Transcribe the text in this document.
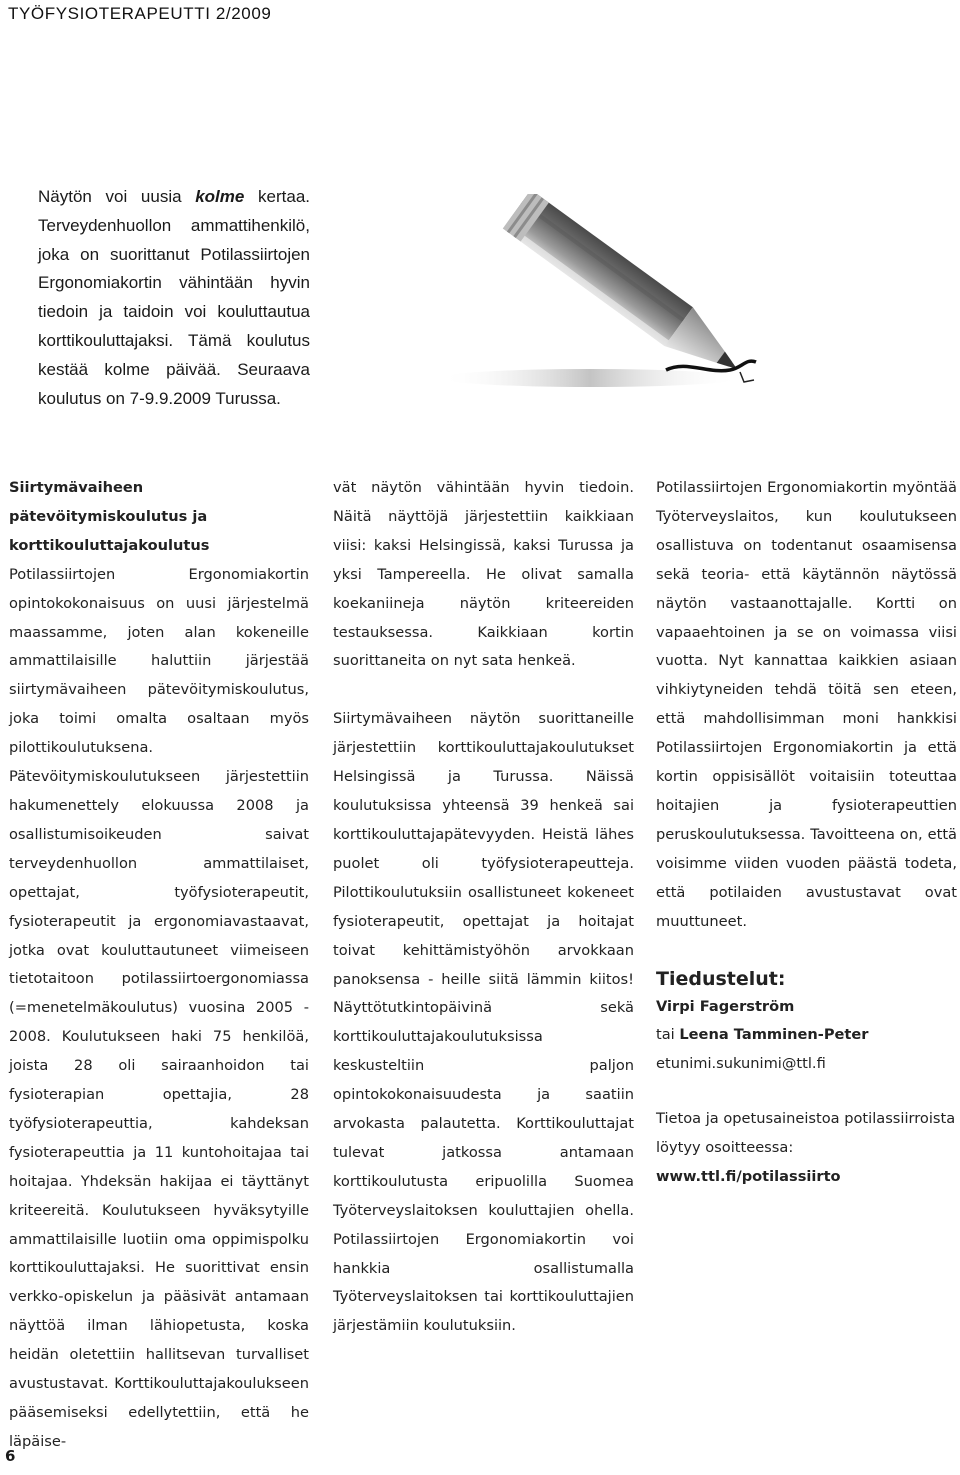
TYÖFYSIOTERAPEUTTI 2/2009

Näytön voi uusia kolme kertaa. Terveydenhuollon ammattihenkilö, joka on suorittanut Potilassiirtojen Ergonomiakortin vähintään hyvin tiedoin ja taidoin voi kouluttautua korttikouluttajaksi. Tämä koulutus kestää kolme päivää. Seuraava koulutus on 7-9.9.2009 Turussa.

Siirtymävaiheen pätevöitymiskoulutus ja korttikouluttajakoulutus

Potilassiirtojen Ergonomiakortin opintokokonaisuus on uusi järjestelmä maassamme, joten alan kokeneille ammattilaisille haluttiin järjestää siirtymävaiheen pätevöitymiskoulutus, joka toimi omalta osaltaan myös pilottikoulutuksena. Pätevöitymiskoulutukseen järjestettiin hakumenettely elokuussa 2008 ja osallistumisoikeuden saivat terveydenhuollon ammattilaiset, opettajat, työfysioterapeutit, fysioterapeutit ja ergonomiavastaavat, jotka ovat kouluttautuneet viimeiseen tietotaitoon potilassiirtoergonomiassa (=menetelmäkoulutus) vuosina 2005 - 2008. Koulutukseen haki 75 henkilöä, joista 28 oli sairaanhoidon tai fysioterapian opettajia, 28 työfysioterapeuttia, kahdeksan fysioterapeuttia ja 11 kuntohoitajaa tai hoitajaa. Yhdeksän hakijaa ei täyttänyt kriteereitä. Koulutukseen hyväksytyille ammattilaisille luotiin oma oppimispolku korttikouluttajaksi. He suorittivat ensin verkko-opiskelun ja pääsivät antamaan näyttöä ilman lähiopetusta, koska heidän oletettiin hallitsevan turvalliset avustustavat. Korttikouluttajakoulukseen pääsemiseksi edellytettiin, että he läpäise-

vät näytön vähintään hyvin tiedoin. Näitä näyttöjä järjestettiin kaikkiaan viisi: kaksi Helsingissä, kaksi Turussa ja yksi Tampereella. He olivat samalla koekaniineja näytön kriteereiden testauksessa. Kaikkiaan kortin suorittaneita on nyt sata henkeä.

Siirtymävaiheen näytön suorittaneille järjestettiin korttikouluttajakoulutukset Helsingissä ja Turussa. Näissä koulutuksissa yhteensä 39 henkeä sai korttikouluttajapätevyyden. Heistä lähes puolet oli työfysioterapeutteja. Pilottikoulutuksiin osallistuneet kokeneet fysioterapeutit, opettajat ja hoitajat toivat kehittämistyöhön arvokkaan panoksensa - heille siitä lämmin kiitos! Näyttötutkintopäivinä sekä korttikouluttajakoulutuksissa keskusteltiin paljon opintokokonaisuudesta ja saatiin arvokasta palautetta. Korttikouluttajat tulevat jatkossa antamaan korttikoulutusta eripuolilla Suomea Työterveyslaitoksen kouluttajien ohella. Potilassiirtojen Ergonomiakortin voi hankkia osallistumalla Työterveyslaitoksen tai korttikouluttajien järjestämiin koulutuksiin.

Potilassiirtojen Ergonomiakortin myöntää Työterveyslaitos, kun koulutukseen osallistuva on todentanut osaamisensa sekä teoria- että käytännön näytössä näytön vastaanottajalle. Kortti on vapaaehtoinen ja se on voimassa viisi vuotta. Nyt kannattaa kaikkien asiaan vihkiytyneiden tehdä töitä sen eteen, että mahdollisimman moni hankkisi Potilassiirtojen Ergonomiakortin ja että kortin oppisisällöt voitaisiin toteuttaa hoitajien ja fysioterapeuttien peruskoulutuksessa. Tavoitteena on, että voisimme viiden vuoden päästä todeta, että potilaiden avustustavat ovat muuttuneet.

Tiedustelut:
Virpi Fagerström
tai Leena Tamminen-Peter
etunimi.sukunimi@ttl.fi
Tietoa ja opetusaineistoa potilassiirroista löytyy osoitteessa:
www.ttl.fi/potilassiirto
6
